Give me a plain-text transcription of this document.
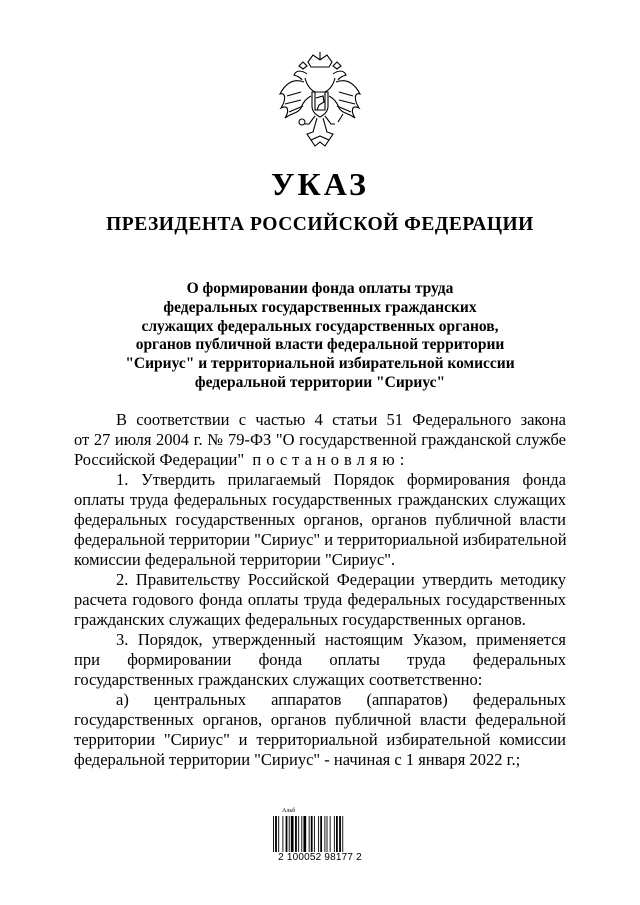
УКАЗ
ПРЕЗИДЕНТА РОССИЙСКОЙ ФЕДЕРАЦИИ
О формировании фонда оплаты труда
федеральных государственных гражданских
служащих федеральных государственных органов,
органов публичной власти федеральной территории
"Сириус" и территориальной избирательной комиссии
федеральной территории "Сириус"
В соответствии с частью 4 статьи 51 Федерального закона
от 27 июля 2004 г. № 79-ФЗ "О государственной гражданской службе
Российской Федерации" постановляю:
1. Утвердить прилагаемый Порядок формирования фонда
оплаты труда федеральных государственных гражданских служащих
федеральных государственных органов, органов публичной власти
федеральной территории "Сириус" и территориальной избирательной
комиссии федеральной территории "Сириус".
2. Правительству Российской Федерации утвердить методику
расчета годового фонда оплаты труда федеральных государственных
гражданских служащих федеральных государственных органов.
3. Порядок, утвержденный настоящим Указом, применяется
при формировании фонда оплаты труда федеральных
государственных гражданских служащих соответственно:
а) центральных аппаратов (аппаратов) федеральных
государственных органов, органов публичной власти федеральной
территории "Сириус" и территориальной избирательной комиссии
федеральной территории "Сириус" - начиная с 1 января 2022 г.;
Альб
2 100052 98177 2
